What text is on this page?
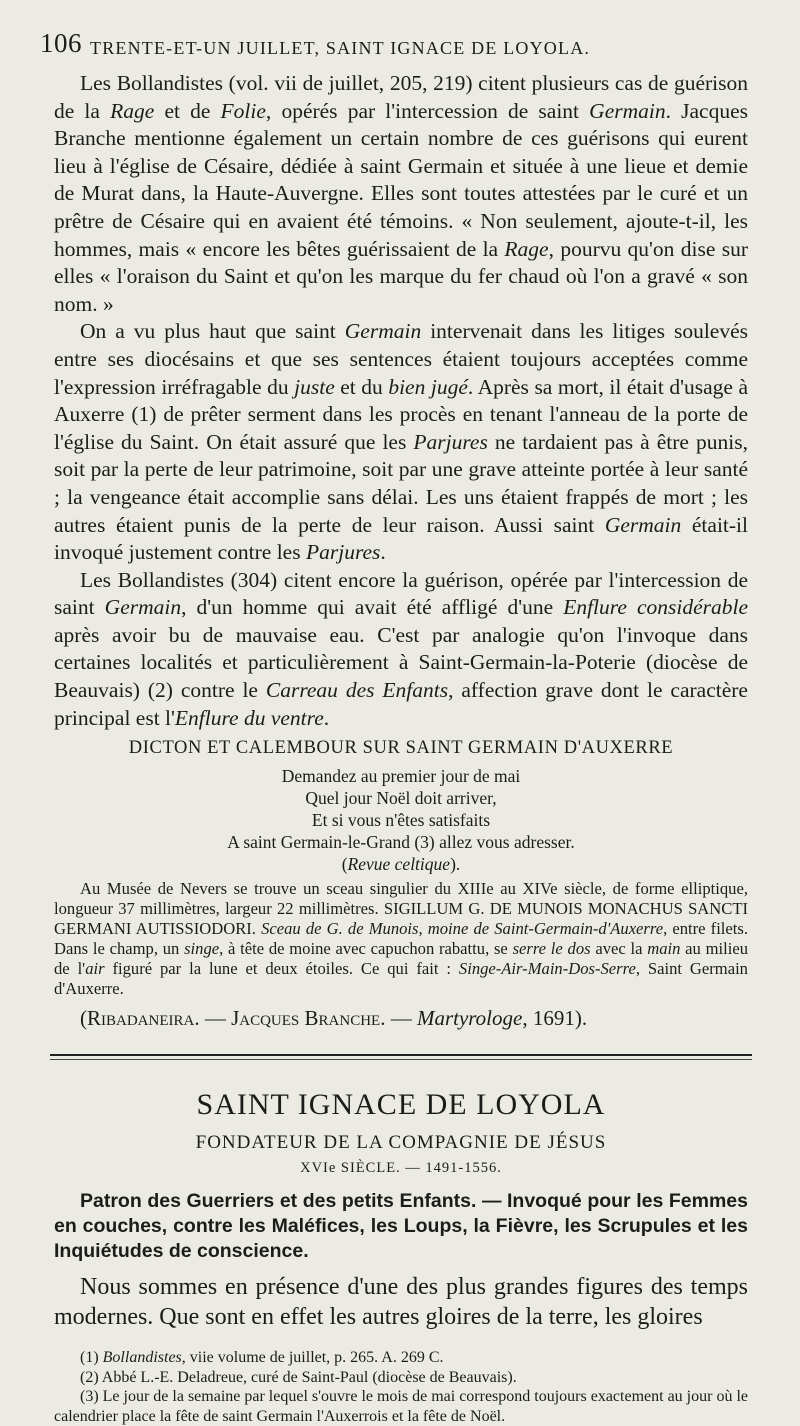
106 TRENTE-ET-UN JUILLET, SAINT IGNACE DE LOYOLA.

Les Bollandistes (vol. vii de juillet, 205, 219) citent plusieurs cas de guérison de la Rage et de Folie, opérés par l'intercession de saint Germain. Jacques Branche mentionne également un certain nombre de ces guérisons qui eurent lieu à l'église de Césaire, dédiée à saint Germain et située à une lieue et demie de Murat dans, la Haute-Auvergne. Elles sont toutes attestées par le curé et un prêtre de Césaire qui en avaient été témoins. « Non seulement, ajoute-t-il, les hommes, mais « encore les bêtes guérissaient de la Rage, pourvu qu'on dise sur elles « l'oraison du Saint et qu'on les marque du fer chaud où l'on a gravé « son nom. »

On a vu plus haut que saint Germain intervenait dans les litiges soulevés entre ses diocésains et que ses sentences étaient toujours acceptées comme l'expression irréfragable du juste et du bien jugé. Après sa mort, il était d'usage à Auxerre (1) de prêter serment dans les procès en tenant l'anneau de la porte de l'église du Saint. On était assuré que les Parjures ne tardaient pas à être punis, soit par la perte de leur patrimoine, soit par une grave atteinte portée à leur santé ; la vengeance était accomplie sans délai. Les uns étaient frappés de mort ; les autres étaient punis de la perte de leur raison. Aussi saint Germain était-il invoqué justement contre les Parjures.

Les Bollandistes (304) citent encore la guérison, opérée par l'intercession de saint Germain, d'un homme qui avait été affligé d'une Enflure considérable après avoir bu de mauvaise eau. C'est par analogie qu'on l'invoque dans certaines localités et particulièrement à Saint-Germain-la-Poterie (diocèse de Beauvais) (2) contre le Carreau des Enfants, affection grave dont le caractère principal est l'Enflure du ventre.

DICTON ET CALEMBOUR SUR SAINT GERMAIN D'AUXERRE
Demandez au premier jour de mai
Quel jour Noël doit arriver,
Et si vous n'êtes satisfaits
A saint Germain-le-Grand (3) allez vous adresser.
(Revue celtique).

Au Musée de Nevers se trouve un sceau singulier du XIIIe au XIVe siècle, de forme elliptique, longueur 37 millimètres, largeur 22 millimètres. SIGILLUM G. DE MUNOIS MONACHUS SANCTI GERMANI AUTISSIODORI. Sceau de G. de Munois, moine de Saint-Germain-d'Auxerre, entre filets. Dans le champ, un singe, à tête de moine avec capuchon rabattu, se serre le dos avec la main au milieu de l'air figuré par la lune et deux étoiles. Ce qui fait : Singe-Air-Main-Dos-Serre, Saint Germain d'Auxerre.

(Ribadaneira. — Jacques Branche. — Martyrologe, 1691).

SAINT IGNACE DE LOYOLA
FONDATEUR DE LA COMPAGNIE DE JÉSUS
XVIe SIÈCLE. — 1491-1556.

Patron des Guerriers et des petits Enfants. — Invoqué pour les Femmes en couches, contre les Maléfices, les Loups, la Fièvre, les Scrupules et les Inquiétudes de conscience.

Nous sommes en présence d'une des plus grandes figures des temps modernes. Que sont en effet les autres gloires de la terre, les gloires

(1) Bollandistes, viie volume de juillet, p. 265. A. 269 C.

(2) Abbé L.-E. Deladreue, curé de Saint-Paul (diocèse de Beauvais).

(3) Le jour de la semaine par lequel s'ouvre le mois de mai correspond toujours exactement au jour où le calendrier place la fête de saint Germain l'Auxerrois et la fête de Noël.
